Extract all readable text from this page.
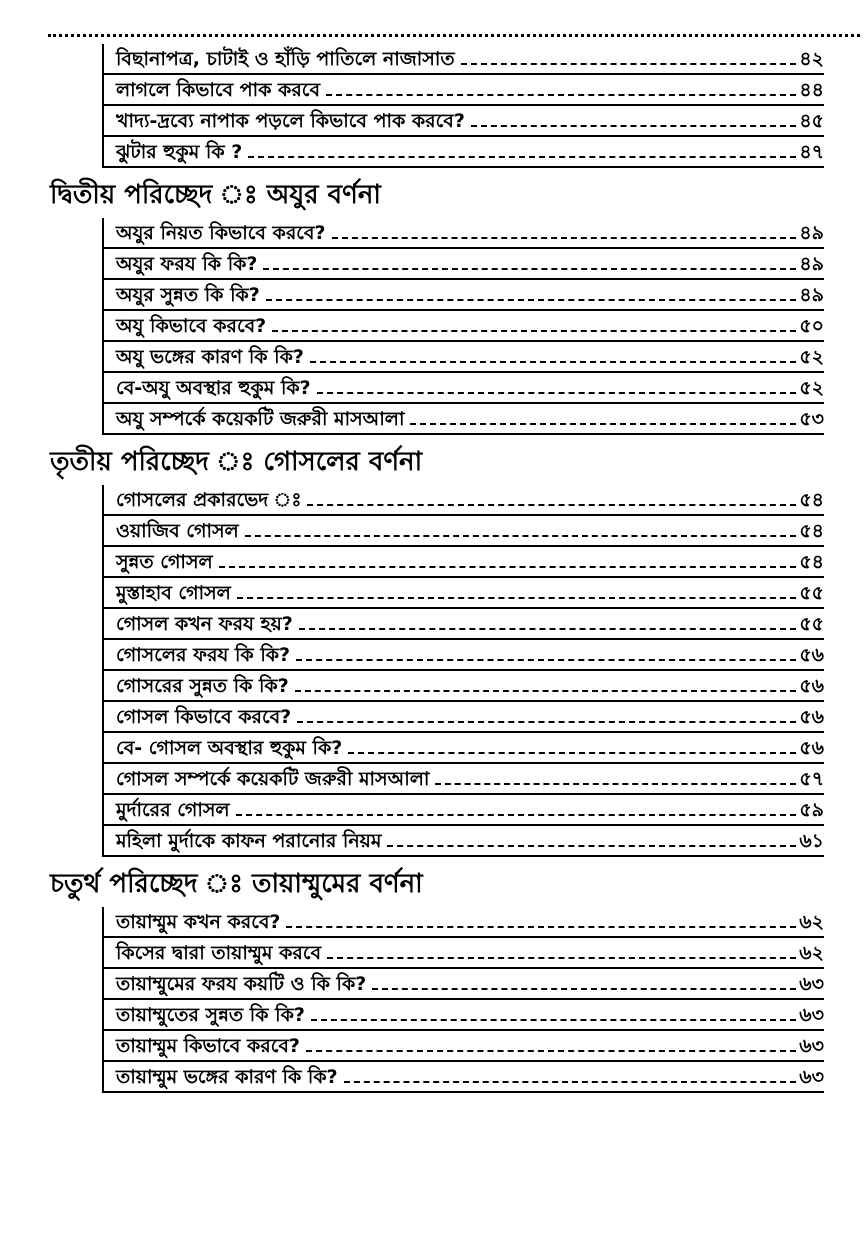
বিছানাপত্র, চাটাই ও হাঁড়ি পাতিলে নাজাসাত	৪২
লাগলে কিভাবে পাক করবে	৪৪
খাদ্য-দ্রব্যে নাপাক পড়লে কিভাবে পাক করবে?	৪৫
ঝুটার হুকুম কি ?	৪৭
দ্বিতীয় পরিচ্ছেদ ঃ অযুর বর্ণনা
অযুর নিয়ত কিভাবে করবে?	৪৯
অযুর ফরয কি কি?	৪৯
অযুর সুন্নত কি কি?	৪৯
অযু কিভাবে করবে?	৫০
অযু ভঙ্গের কারণ কি কি?	৫২
বে-অযু অবস্থার হুকুম কি?	৫২
অযু সম্পর্কে কয়েকটি জরুরী মাসআলা	৫৩
তৃতীয় পরিচ্ছেদ ঃ গোসলের বর্ণনা
গোসলের প্রকারভেদ ঃ	৫৪
ওয়াজিব গোসল	৫৪
সুন্নত গোসল	৫৪
মুস্তাহাব গোসল	৫৫
গোসল কখন ফরয হয়?	৫৫
গোসলের ফরয কি কি?	৫৬
গোসরের সুন্নত কি কি?	৫৬
গোসল কিভাবে করবে?	৫৬
বে- গোসল অবস্থার হুকুম কি?	৫৬
গোসল সম্পর্কে কয়েকটি জরুরী মাসআলা	৫৭
মুর্দারের গোসল	৫৯
মহিলা মুর্দাকে কাফন পরানোর নিয়ম	৬১
চতুর্থ পরিচ্ছেদ ঃ তায়াম্মুমের বর্ণনা
তায়াম্মুম কখন করবে?	৬২
কিসের দ্বারা তায়াম্মুম করবে	৬২
তায়াম্মুমের ফরয কয়টি ও কি কি?	৬৩
তায়াম্মুতের সুন্নত কি কি?	৬৩
তায়াম্মুম কিভাবে করবে?	৬৩
তায়াম্মুম ভঙ্গের কারণ কি কি?	৬৩
